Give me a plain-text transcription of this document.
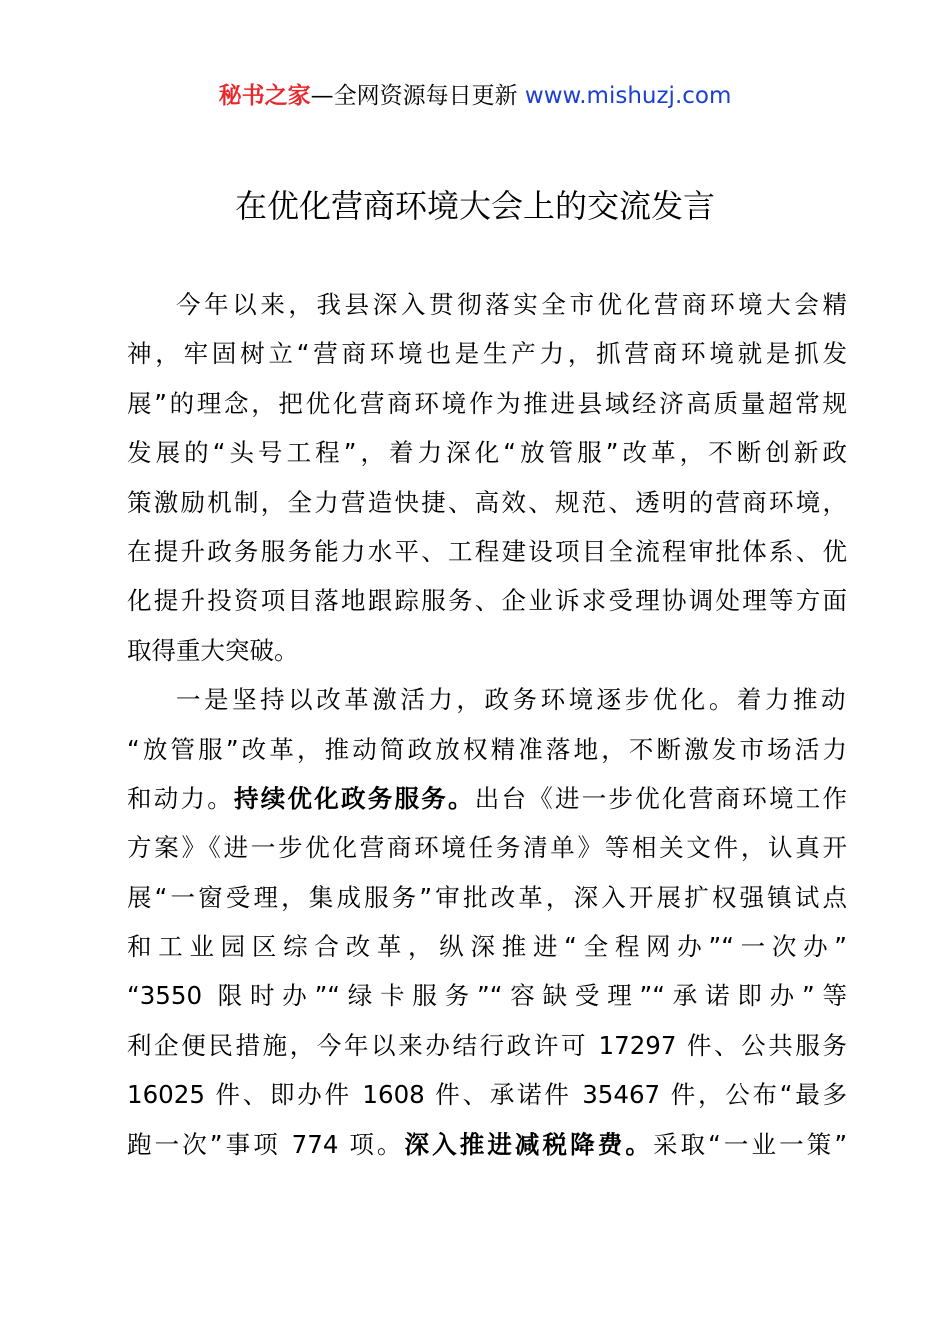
秘书之家—全网资源每日更新 www.mishuzj.com
在优化营商环境大会上的交流发言
今年以来，我县深入贯彻落实全市优化营商环境大会精
神，牢固树立“营商环境也是生产力，抓营商环境就是抓发
展”的理念，把优化营商环境作为推进县域经济高质量超常规
发展的“头号工程”，着力深化“放管服”改革，不断创新政
策激励机制，全力营造快捷、高效、规范、透明的营商环境，
在提升政务服务能力水平、工程建设项目全流程审批体系、优
化提升投资项目落地跟踪服务、企业诉求受理协调处理等方面
取得重大突破。
一是坚持以改革激活力，政务环境逐步优化。着力推动
“放管服”改革，推动简政放权精准落地，不断激发市场活力
和动力。持续优化政务服务。出台《进一步优化营商环境工作
方案》《进一步优化营商环境任务清单》等相关文件，认真开
展“一窗受理，集成服务”审批改革，深入开展扩权强镇试点
和工业园区综合改革，纵深推进“全程网办”“一次办”
“3550 限时办”“绿卡服务”“容缺受理”“承诺即办”等
利企便民措施，今年以来办结行政许可 17297 件、公共服务
16025 件、即办件 1608 件、承诺件 35467 件，公布“最多
跑一次”事项 774 项。深入推进减税降费。采取“一业一策”
